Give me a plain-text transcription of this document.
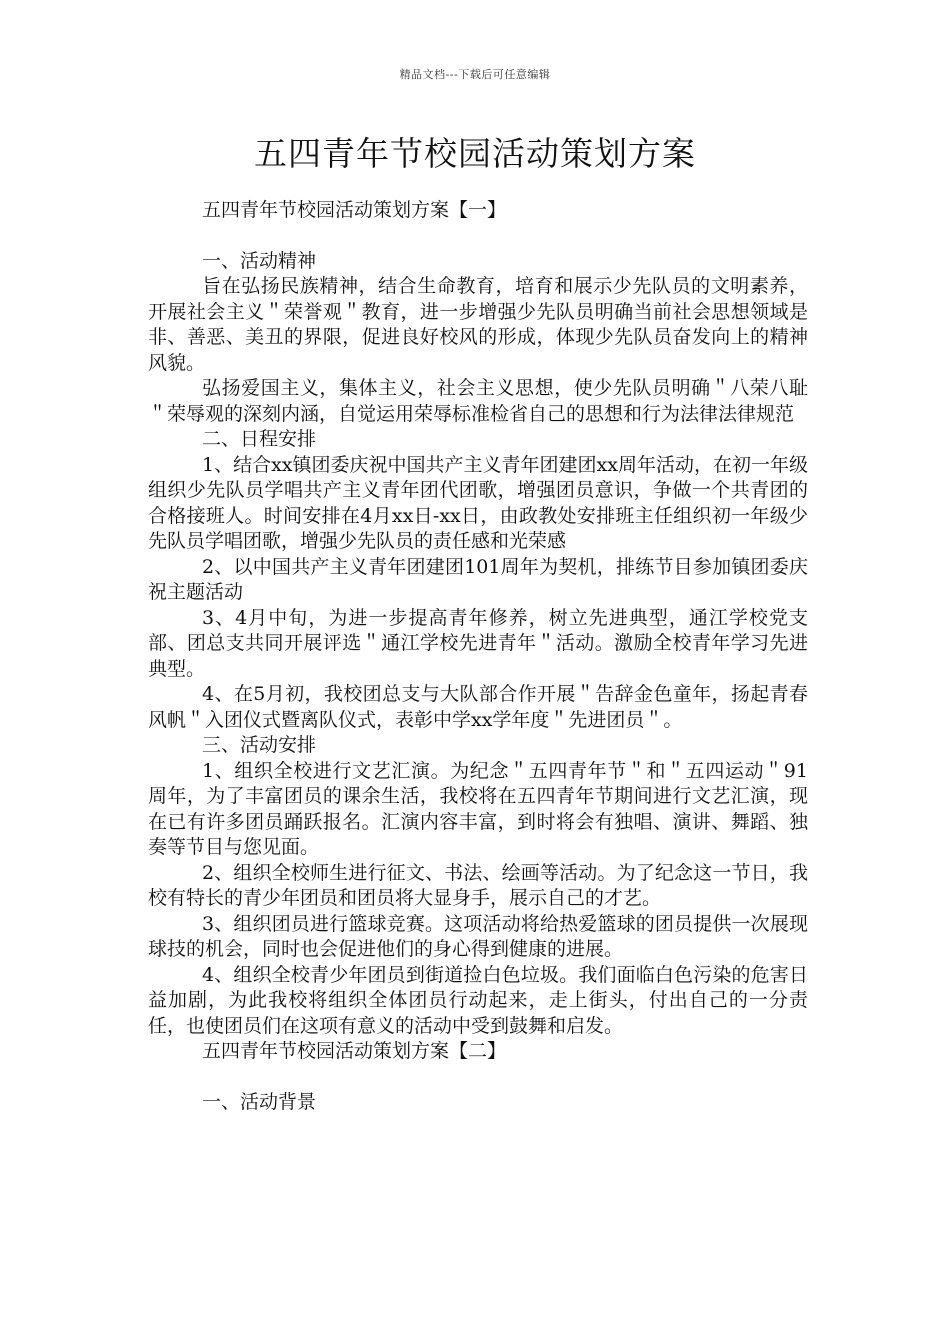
精品文档---下载后可任意编辑
五四青年节校园活动策划方案

五四青年节校园活动策划方案【一】

一、活动精神

旨在弘扬民族精神，结合生命教育，培育和展示少先队员的文明素养，开展社会主义＂荣誉观＂教育，进一步增强少先队员明确当前社会思想领域是非、善恶、美丑的界限，促进良好校风的形成，体现少先队员奋发向上的精神风貌。

弘扬爱国主义，集体主义，社会主义思想，使少先队员明确＂八荣八耻＂荣辱观的深刻内涵，自觉运用荣辱标准检省自己的思想和行为法律法律规范

二、日程安排

1、结合xx镇团委庆祝中国共产主义青年团建团xx周年活动，在初一年级组织少先队员学唱共产主义青年团代团歌，增强团员意识，争做一个共青团的合格接班人。时间安排在4月xx日-xx日，由政教处安排班主任组织初一年级少先队员学唱团歌，增强少先队员的责任感和光荣感

2、以中国共产主义青年团建团101周年为契机，排练节目参加镇团委庆祝主题活动

3、4月中旬，为进一步提高青年修养，树立先进典型，通江学校党支部、团总支共同开展评选＂通江学校先进青年＂活动。激励全校青年学习先进典型。

4、在5月初，我校团总支与大队部合作开展＂告辞金色童年，扬起青春风帆＂入团仪式暨离队仪式，表彰中学xx学年度＂先进团员＂。

三、活动安排

1、组织全校进行文艺汇演。为纪念＂五四青年节＂和＂五四运动＂91周年，为了丰富团员的课余生活，我校将在五四青年节期间进行文艺汇演，现在已有许多团员踊跃报名。汇演内容丰富，到时将会有独唱、演讲、舞蹈、独奏等节目与您见面。

2、组织全校师生进行征文、书法、绘画等活动。为了纪念这一节日，我校有特长的青少年团员和团员将大显身手，展示自己的才艺。

3、组织团员进行篮球竞赛。这项活动将给热爱篮球的团员提供一次展现球技的机会，同时也会促进他们的身心得到健康的进展。

4、组织全校青少年团员到街道捡白色垃圾。我们面临白色污染的危害日益加剧，为此我校将组织全体团员行动起来，走上街头，付出自己的一分责任，也使团员们在这项有意义的活动中受到鼓舞和启发。

五四青年节校园活动策划方案【二】

一、活动背景
